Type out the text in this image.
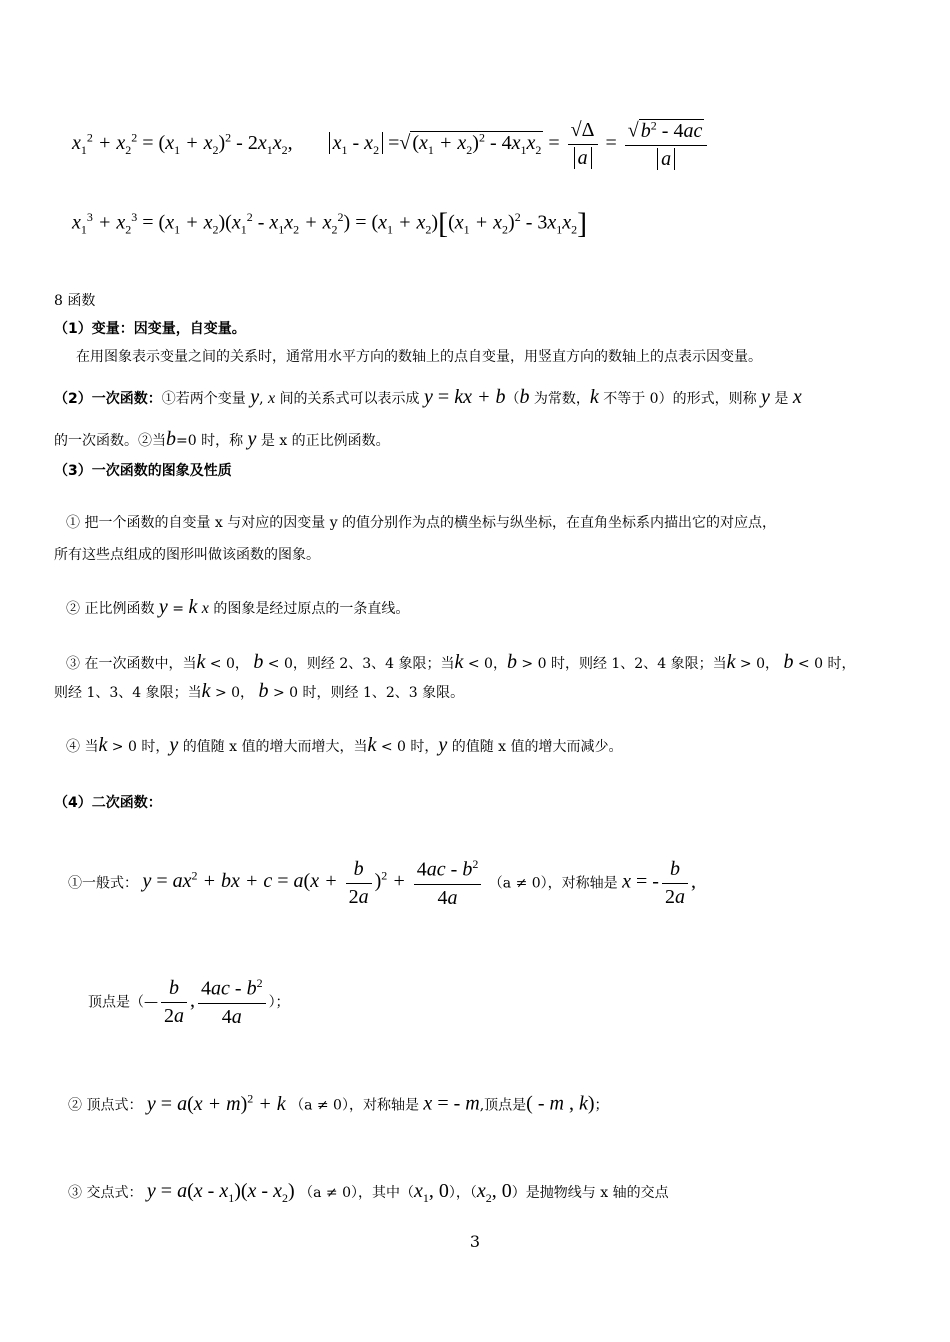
$x_1^2 + x_2^2 = (x_1 + x_2)^2 - 2x_1x_2$, $x_1 - x_2$ =√ $(x_1 + x_2)^2 - 4x_1x_2 = \frac{√\Delta}{a} = \frac{√ b^2 - 4ac}{a}$
$x_1^3 + x_2^3 = (x_1 + x_2)(x_1^2 - x_1x_2 + x_2^2) = (x_1 + x_2)[(x_1 + x_2)^2 - 3x_1x_2]$
8 函数
（1）变量：因变量，自变量。
在用图象表示变量之间的关系时，通常用水平方向的数轴上的点自变量，用竖直方向的数轴上的点表示因变量。
（2）一次函数：①若两个变量 y, x 间的关系式可以表示成 y = kx + b（b 为常数，k 不等于 0）的形式，则称 y 是 x
的一次函数。②当b=0 时，称 y 是 x 的正比例函数。
（3）一次函数的图象及性质
① 把一个函数的自变量 x 与对应的因变量 y 的值分别作为点的横坐标与纵坐标，在直角坐标系内描出它的对应点，
所有这些点组成的图形叫做该函数的图象。
② 正比例函数 y = k x 的图象是经过原点的一条直线。
③ 在一次函数中，当k < 0， b < 0，则经 2、3、4 象限；当k < 0，b > 0 时，则经 1、2、4 象限；当k > 0， b < 0 时，
则经 1、3、4 象限；当k > 0， b > 0 时，则经 1、2、3 象限。
④ 当k > 0 时，y 的值随 x 值的增大而增大，当k < 0 时，y 的值随 x 值的增大而减少。
（4）二次函数：
①一般式： $y = ax^2$ + bx + $c = a(x + \frac{b}{2a} )^2 + \frac{4ac - b^2}{4a} (a \ne 0)$，对称轴是 x = - $\frac{b}{2a}$ ,
顶点是（— $\frac{b}{2a}$ , $\frac{4ac - b^2}{4a}$ ）；
② 顶点式： $y = a(x + m)^2 + k$ （a ≠ 0），对称轴是 x = - m,顶点是( - m , k)；
③ 交点式： $y = a(x - x_1)(x - x_2)$ （a ≠ 0），其中（$x_1$, 0），（$x_2$, 0）是抛物线与 x 轴的交点
3
